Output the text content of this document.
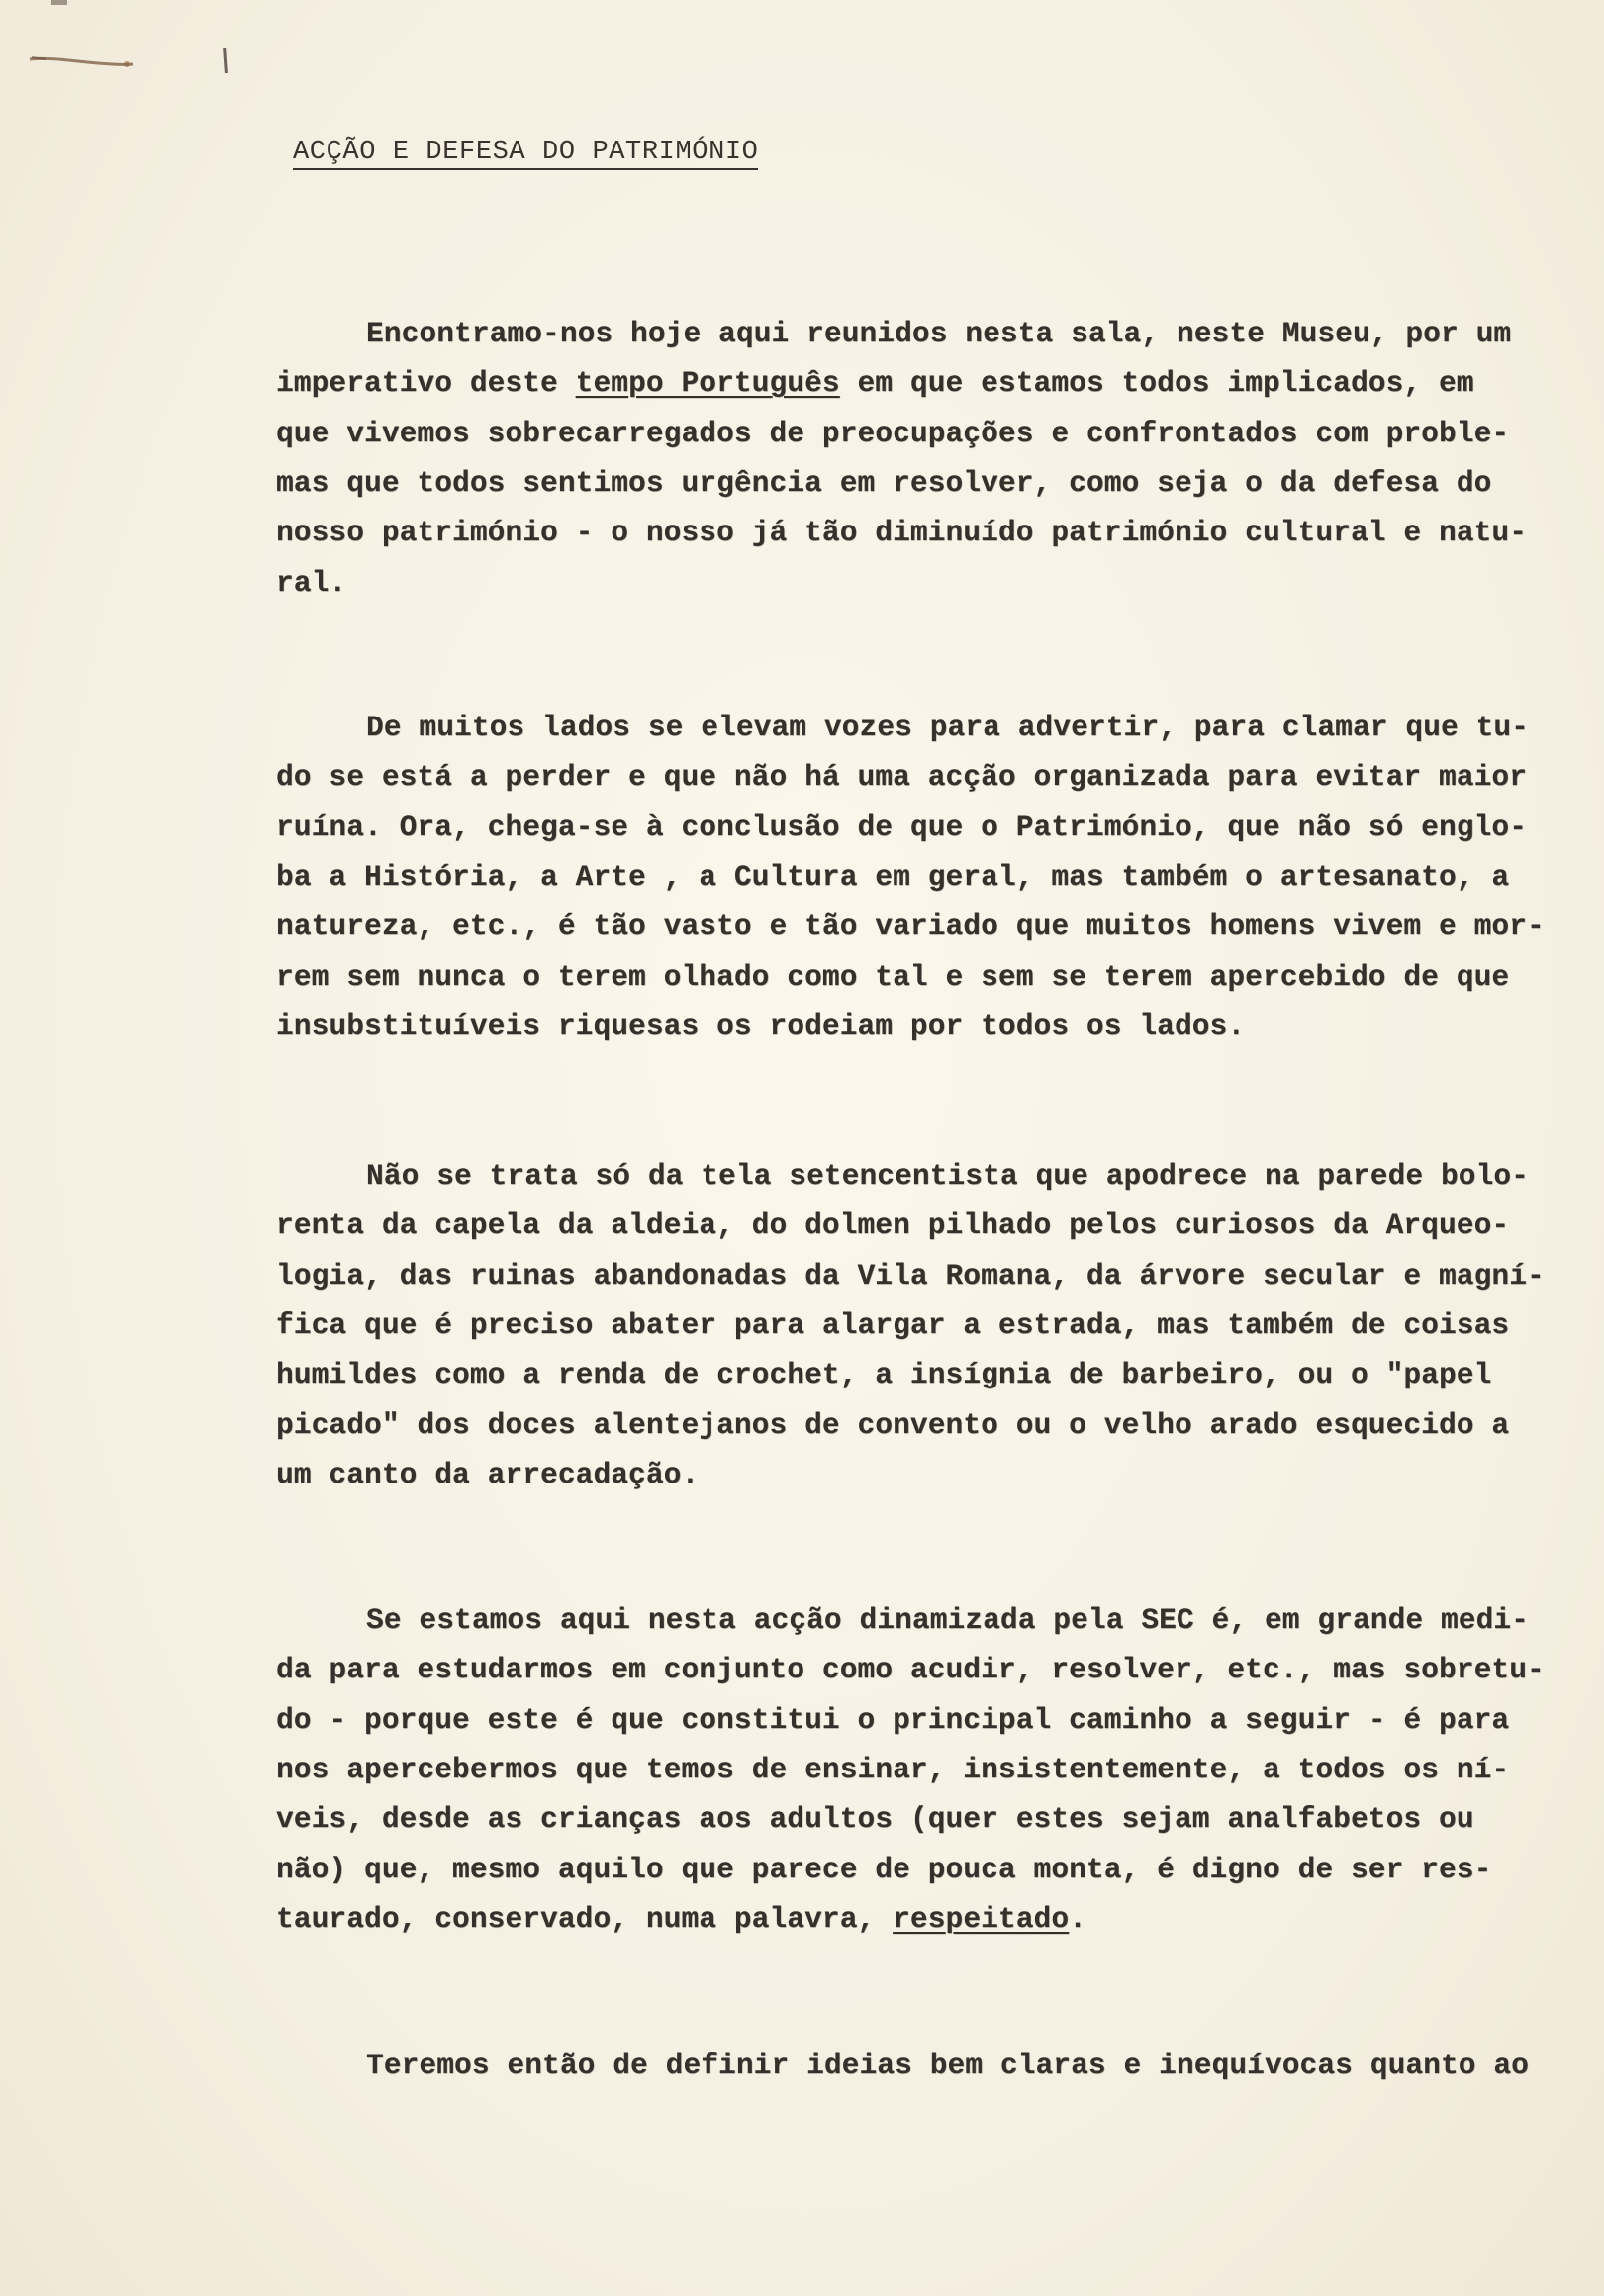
ACÇÃO E DEFESA DO PATRIMÓNIO
Encontramo-nos hoje aqui reunidos nesta sala, neste Museu, por um
imperativo deste tempo Português em que estamos todos implicados, em
que vivemos sobrecarregados de preocupações e confrontados com proble-
mas que todos sentimos urgência em resolver, como seja o da defesa do
nosso património - o nosso já tão diminuído património cultural e natu-
ral.
De muitos lados se elevam vozes para advertir, para clamar que tu-
do se está a perder e que não há uma acção organizada para evitar maior
ruína. Ora, chega-se à conclusão de que o Património, que não só englo-
ba a História, a Arte , a Cultura em geral, mas também o artesanato, a
natureza, etc., é tão vasto e tão variado que muitos homens vivem e mor-
rem sem nunca o terem olhado como tal e sem se terem apercebido de que
insubstituíveis riquesas os rodeiam por todos os lados.
Não se trata só da tela setencentista que apodrece na parede bolo-
renta da capela da aldeia, do dolmen pilhado pelos curiosos da Arqueo-
logia, das ruinas abandonadas da Vila Romana, da árvore secular e magní-
fica que é preciso abater para alargar a estrada, mas também de coisas
humildes como a renda de crochet, a insígnia de barbeiro, ou o "papel
picado" dos doces alentejanos de convento ou o velho arado esquecido a
um canto da arrecadação.
Se estamos aqui nesta acção dinamizada pela SEC é, em grande medi-
da para estudarmos em conjunto como acudir, resolver, etc., mas sobretu-
do - porque este é que constitui o principal caminho a seguir - é para
nos apercebermos que temos de ensinar, insistentemente, a todos os ní-
veis, desde as crianças aos adultos (quer estes sejam analfabetos ou
não) que, mesmo aquilo que parece de pouca monta, é digno de ser res-
taurado, conservado, numa palavra, respeitado.
Teremos então de definir ideias bem claras e inequívocas quanto ao
